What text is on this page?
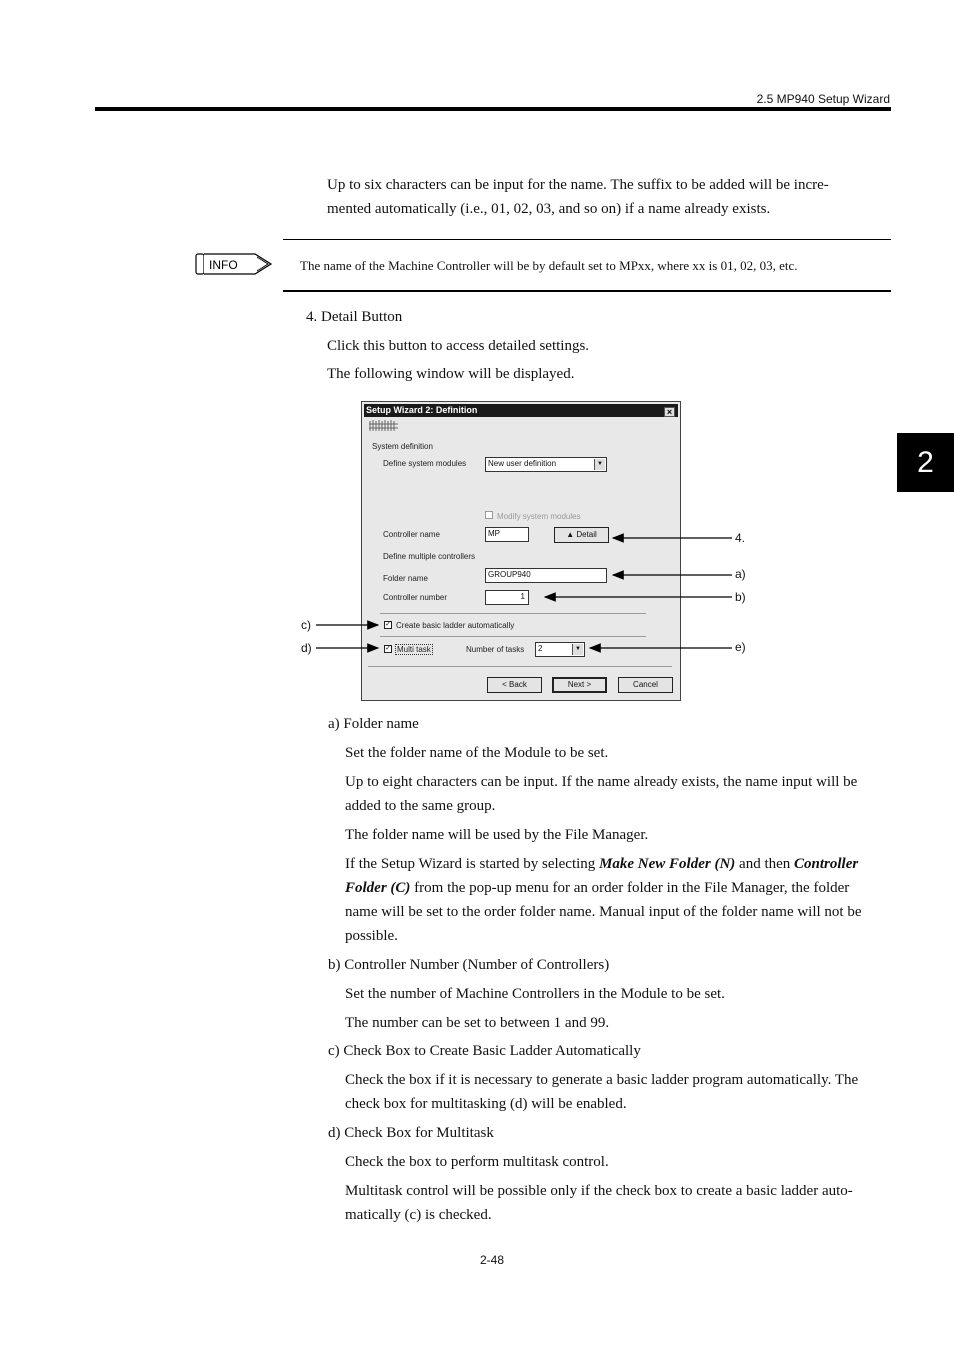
2.5 MP940 Setup Wizard
2
Up to six characters can be input for the name. The suffix to be added will be incre-
mented automatically (i.e., 01, 02, 03, and so on) if a name already exists.
INFO	The name of the Machine Controller will be by default set to MPxx, where xx is 01, 02, 03, etc.
4. Detail Button
Click this button to access detailed settings.
The following window will be displayed.
Setup Wizard 2: Definition	×
System definition
Define system modules	New user definition	▼
Modify system modules
Controller name	MP	▲ Detail
Define multiple controllers
Folder name	GROUP940
Controller number	1
✓ Create basic ladder automatically
✓ Multi task	Number of tasks	2	▼
< Back	Next >	Cancel
4.
a)
b)
c)
d)	e)
a) Folder name
Set the folder name of the Module to be set.
Up to eight characters can be input. If the name already exists, the name input will be
added to the same group.
The folder name will be used by the File Manager.
If the Setup Wizard is started by selecting Make New Folder (N) and then Controller
Folder (C) from the pop-up menu for an order folder in the File Manager, the folder
name will be set to the order folder name. Manual input of the folder name will not be
possible.
b) Controller Number (Number of Controllers)
Set the number of Machine Controllers in the Module to be set.
The number can be set to between 1 and 99.
c) Check Box to Create Basic Ladder Automatically
Check the box if it is necessary to generate a basic ladder program automatically. The
check box for multitasking (d) will be enabled.
d) Check Box for Multitask
Check the box to perform multitask control.
Multitask control will be possible only if the check box to create a basic ladder auto-
matically (c) is checked.
2-48
